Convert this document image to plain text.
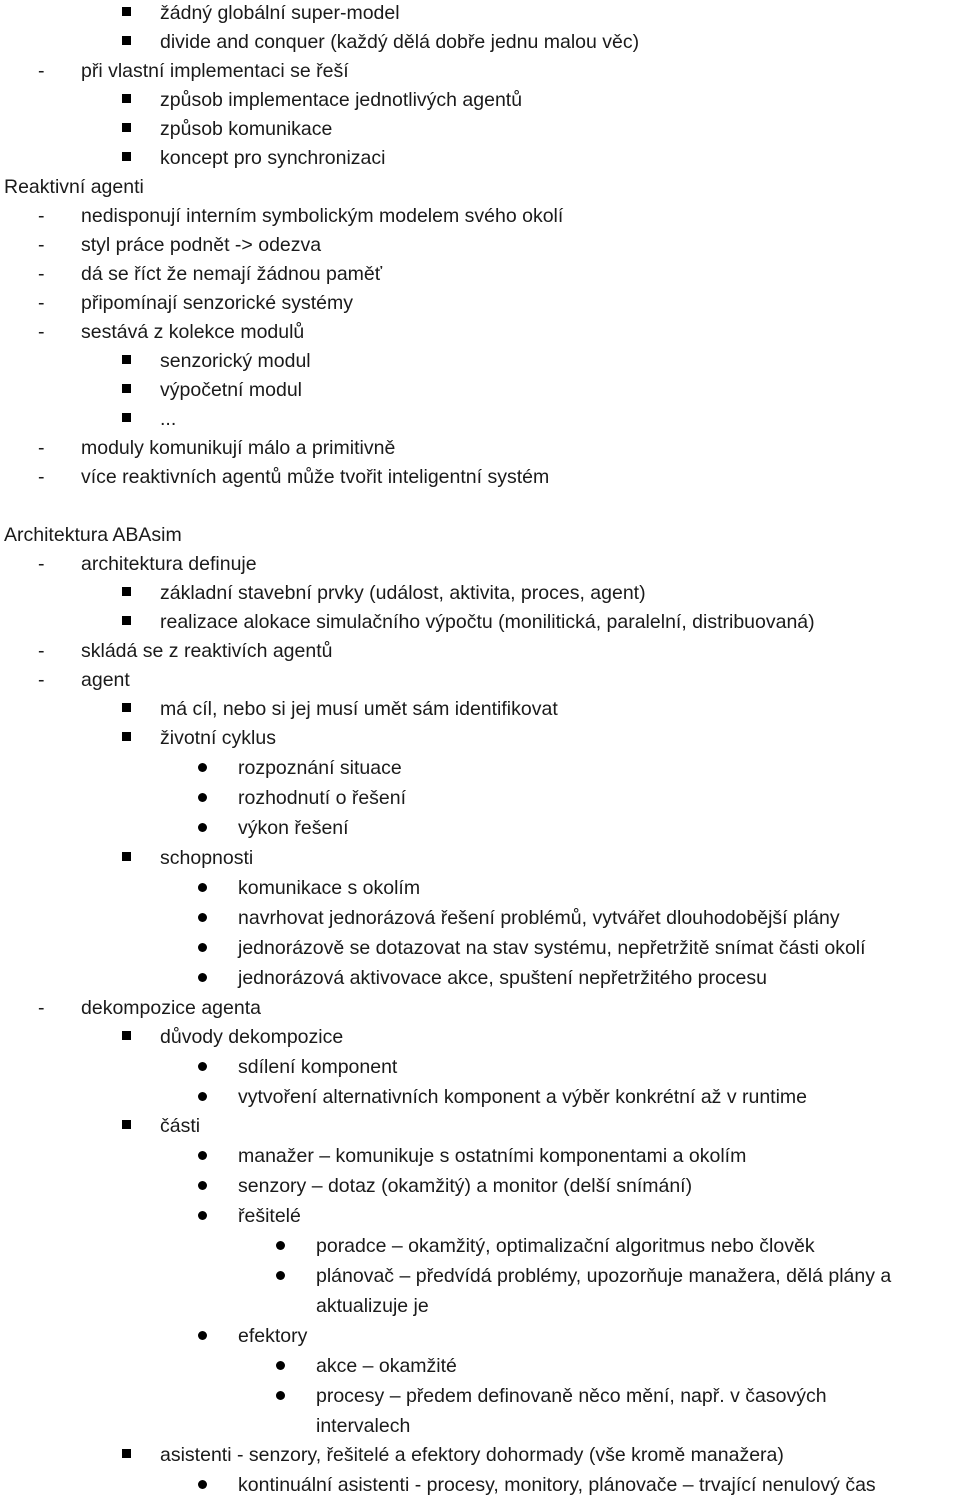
žádný globální super-model
divide and conquer (každý dělá dobře jednu malou věc)
-
při vlastní implementaci se řeší
způsob implementace jednotlivých agentů
způsob komunikace
koncept pro synchronizaci
Reaktivní agenti
-
nedisponují interním symbolickým modelem svého okolí
-
styl práce podnět -> odezva
-
dá se říct že nemají žádnou paměť
-
připomínají senzorické systémy
-
sestává z kolekce modulů
senzorický modul
výpočetní modul
...
-
moduly komunikují málo a primitivně
-
více reaktivních agentů může tvořit inteligentní systém
Architektura ABAsim
-
architektura definuje
základní stavební prvky (událost, aktivita, proces, agent)
realizace alokace simulačního výpočtu (monilitická, paralelní, distribuovaná)
-
skládá se z reaktivích agentů
-
agent
má cíl, nebo si jej musí umět sám identifikovat
životní cyklus
rozpoznání situace
rozhodnutí o řešení
výkon řešení
schopnosti
komunikace s okolím
navrhovat jednorázová řešení problémů, vytvářet dlouhodobější plány
jednorázově se dotazovat na stav systému, nepřetržitě snímat části okolí
jednorázová aktivovace akce, spuštení nepřetržitého procesu
-
dekompozice agenta
důvody dekompozice
sdílení komponent
vytvoření alternativních komponent a výběr konkrétní až v runtime
části
manažer – komunikuje s ostatními komponentami a okolím
senzory – dotaz (okamžitý) a monitor (delší snímání)
řešitelé
poradce – okamžitý, optimalizační algoritmus nebo člověk
plánovač – předvídá problémy, upozorňuje manažera, dělá plány a
aktualizuje je
efektory
akce – okamžité
procesy – předem definovaně něco mění, např. v časových
intervalech
asistenti - senzory, řešitelé a efektory dohormady (vše kromě manažera)
kontinuální asistenti - procesy, monitory, plánovače – trvající nenulový čas
